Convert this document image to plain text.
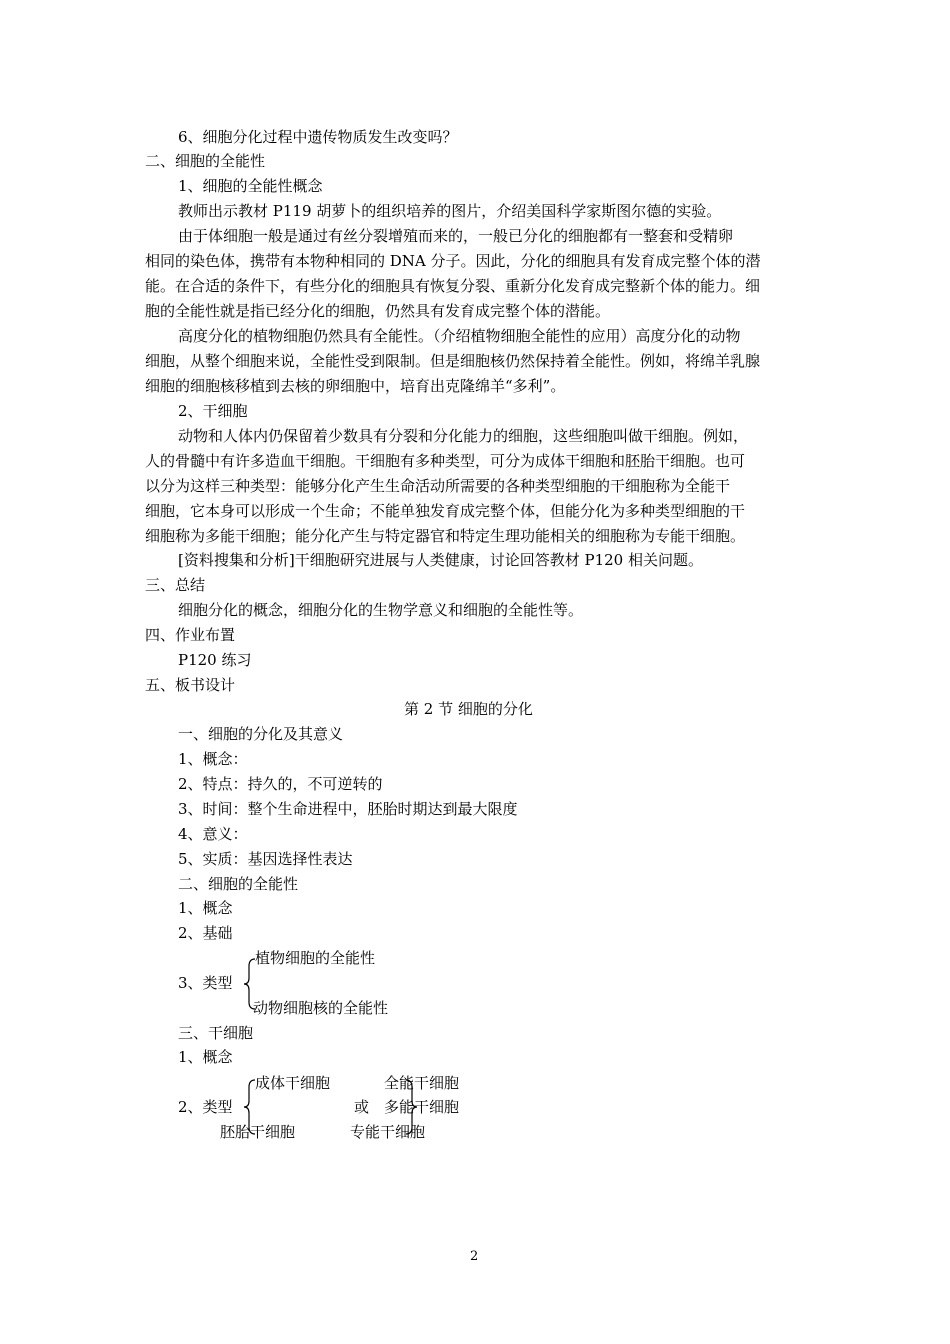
6、细胞分化过程中遗传物质发生改变吗？
二、细胞的全能性
1、细胞的全能性概念
教师出示教材 P119 胡萝卜的组织培养的图片，介绍美国科学家斯图尔德的实验。
由于体细胞一般是通过有丝分裂增殖而来的，一般已分化的细胞都有一整套和受精卵
相同的染色体，携带有本物种相同的 DNA 分子。因此，分化的细胞具有发育成完整个体的潜
能。在合适的条件下，有些分化的细胞具有恢复分裂、重新分化发育成完整新个体的能力。细
胞的全能性就是指已经分化的细胞，仍然具有发育成完整个体的潜能。
高度分化的植物细胞仍然具有全能性。（介绍植物细胞全能性的应用）高度分化的动物
细胞，从整个细胞来说，全能性受到限制。但是细胞核仍然保持着全能性。例如，将绵羊乳腺
细胞的细胞核移植到去核的卵细胞中，培育出克隆绵羊“多利”。
2、干细胞
动物和人体内仍保留着少数具有分裂和分化能力的细胞，这些细胞叫做干细胞。例如，
人的骨髓中有许多造血干细胞。干细胞有多种类型，可分为成体干细胞和胚胎干细胞。也可
以分为这样三种类型：能够分化产生生命活动所需要的各种类型细胞的干细胞称为全能干
细胞，它本身可以形成一个生命；不能单独发育成完整个体，但能分化为多种类型细胞的干
细胞称为多能干细胞；能分化产生与特定器官和特定生理功能相关的细胞称为专能干细胞。
[资料搜集和分析]干细胞研究进展与人类健康，讨论回答教材 P120 相关问题。
三、总结
细胞分化的概念，细胞分化的生物学意义和细胞的全能性等。
四、作业布置
P120 练习
五、板书设计
第 2 节 细胞的分化
一、细胞的分化及其意义
1、概念：
2、特点：持久的，不可逆转的
3、时间：整个生命进程中，胚胎时期达到最大限度
4、意义：
5、实质：基因选择性表达
二、细胞的全能性
1、概念
2、基础
3、类型
植物细胞的全能性
动物细胞核的全能性
三、干细胞
1、概念
成体干细胞	全能干细胞
2、类型	或 多能干细胞
胚胎干细胞	专能干细胞
2
